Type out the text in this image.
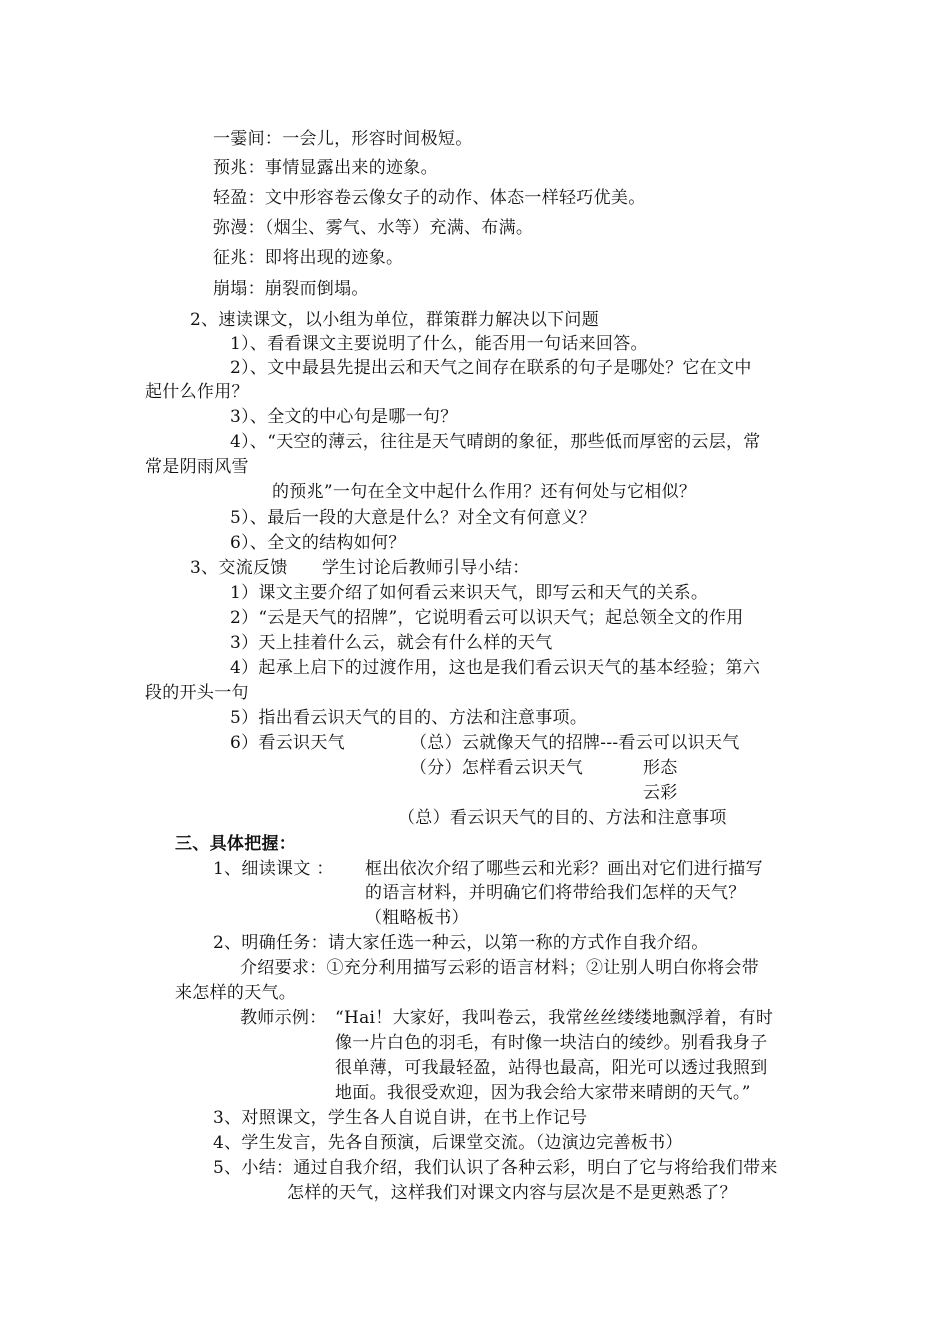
一霎间：一会儿，形容时间极短。
预兆：事情显露出来的迹象。
轻盈：文中形容卷云像女子的动作、体态一样轻巧优美。
弥漫：（烟尘、雾气、水等）充满、布满。
征兆：即将出现的迹象。
崩塌：崩裂而倒塌。
2、速读课文，以小组为单位，群策群力解决以下问题
1）、看看课文主要说明了什么，能否用一句话来回答。
2）、文中最县先提出云和天气之间存在联系的句子是哪处？它在文中
起什么作用？
3）、全文的中心句是哪一句？
4）、“天空的薄云，往往是天气晴朗的象征，那些低而厚密的云层，常
常是阴雨风雪
的预兆”一句在全文中起什么作用？还有何处与它相似？
5）、最后一段的大意是什么？对全文有何意义？
6）、全文的结构如何？
3、交流反馈 学生讨论后教师引导小结：
1）课文主要介绍了如何看云来识天气，即写云和天气的关系。
2）“云是天气的招牌”，它说明看云可以识天气；起总领全文的作用
3）天上挂着什么云，就会有什么样的天气
4）起承上启下的过渡作用，这也是我们看云识天气的基本经验；第六
段的开头一句
5）指出看云识天气的目的、方法和注意事项。
6）看云识天气	（总）云就像天气的招牌---看云可以识天气
（分）怎样看云识天气	形态
云彩
（总）看云识天气的目的、方法和注意事项
三、具体把握：
1、细读课文 ： 框出依次介绍了哪些云和光彩？画出对它们进行描写
的语言材料，并明确它们将带给我们怎样的天气？
（粗略板书）
2、明确任务：请大家任选一种云，以第一称的方式作自我介绍。
介绍要求：①充分利用描写云彩的语言材料；②让别人明白你将会带
来怎样的天气。
教师示例： “Hai！大家好，我叫卷云，我常丝丝缕缕地飘浮着，有时
像一片白色的羽毛，有时像一块洁白的绫纱。别看我身子
很单薄，可我最轻盈，站得也最高，阳光可以透过我照到
地面。我很受欢迎，因为我会给大家带来晴朗的天气。”
3、对照课文，学生各人自说自讲，在书上作记号
4、学生发言，先各自预演，后课堂交流。（边演边完善板书）
5、小结：通过自我介绍，我们认识了各种云彩，明白了它与将给我们带来
怎样的天气，这样我们对课文内容与层次是不是更熟悉了？
